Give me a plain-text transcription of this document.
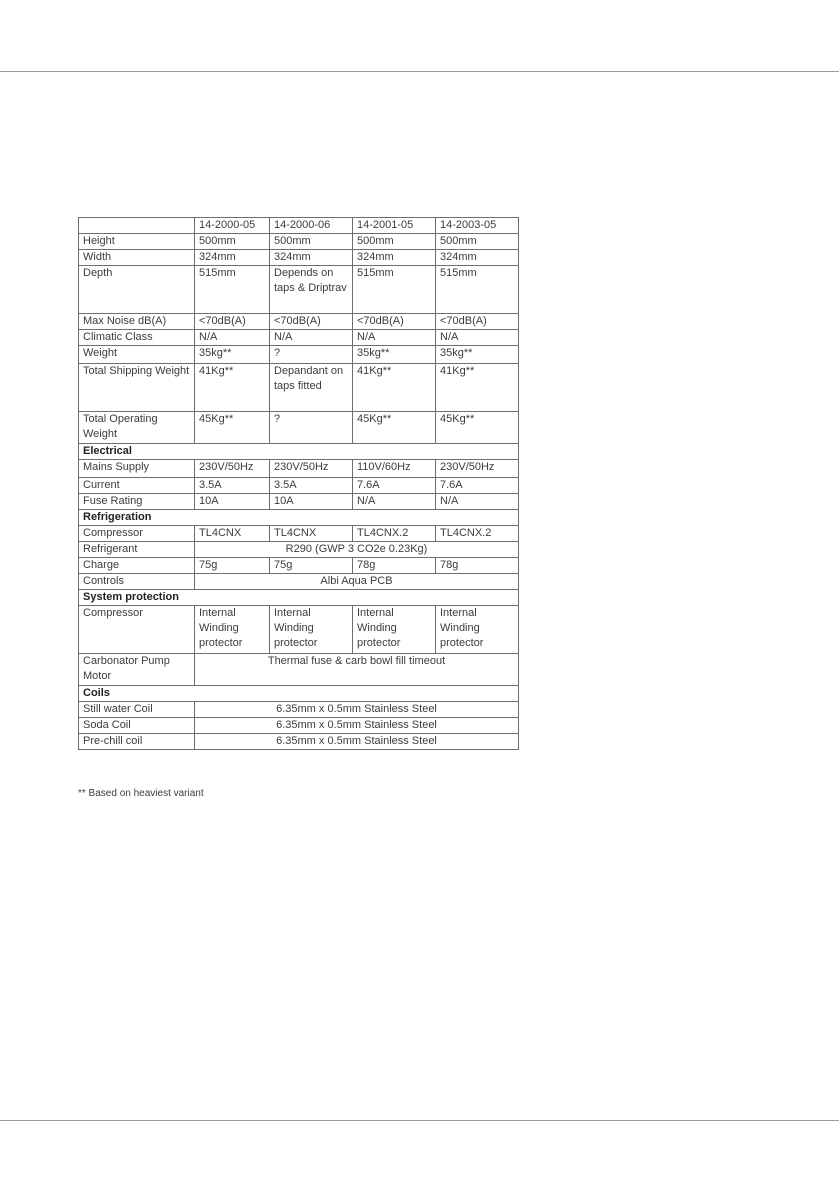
	14-2000-05	14-2000-06	14-2001-05	14-2003-05
Height	500mm	500mm	500mm	500mm
Width	324mm	324mm	324mm	324mm
Depth	515mm	Depends on taps & Driptrav	515mm	515mm
Max Noise dB(A)	<70dB(A)	<70dB(A)	<70dB(A)	<70dB(A)
Climatic Class	N/A	N/A	N/A	N/A
Weight	35kg**	?	35kg**	35kg**
Total Shipping Weight	41Kg**	Depandant on taps fitted	41Kg**	41Kg**
Total Operating Weight	45Kg**	?	45Kg**	45Kg**
Electrical				
Mains Supply	230V/50Hz	230V/50Hz	110V/60Hz	230V/50Hz
Current	3.5A	3.5A	7.6A	7.6A
Fuse Rating	10A	10A	N/A	N/A
Refrigeration				
Compressor	TL4CNX	TL4CNX	TL4CNX.2	TL4CNX.2
Refrigerant	R290 (GWP 3 CO2e 0.23Kg)			
Charge	75g	75g	78g	78g
Controls	Albi Aqua PCB			
System protection				
Compressor	Internal Winding protector	Internal Winding protector	Internal Winding protector	Internal Winding protector
Carbonator Pump Motor	Thermal fuse & carb bowl fill timeout			
Coils				
Still water Coil	6.35mm x 0.5mm Stainless Steel			
Soda Coil	6.35mm x 0.5mm Stainless Steel			
Pre-chill coil	6.35mm x 0.5mm Stainless Steel			
** Based on heaviest variant
